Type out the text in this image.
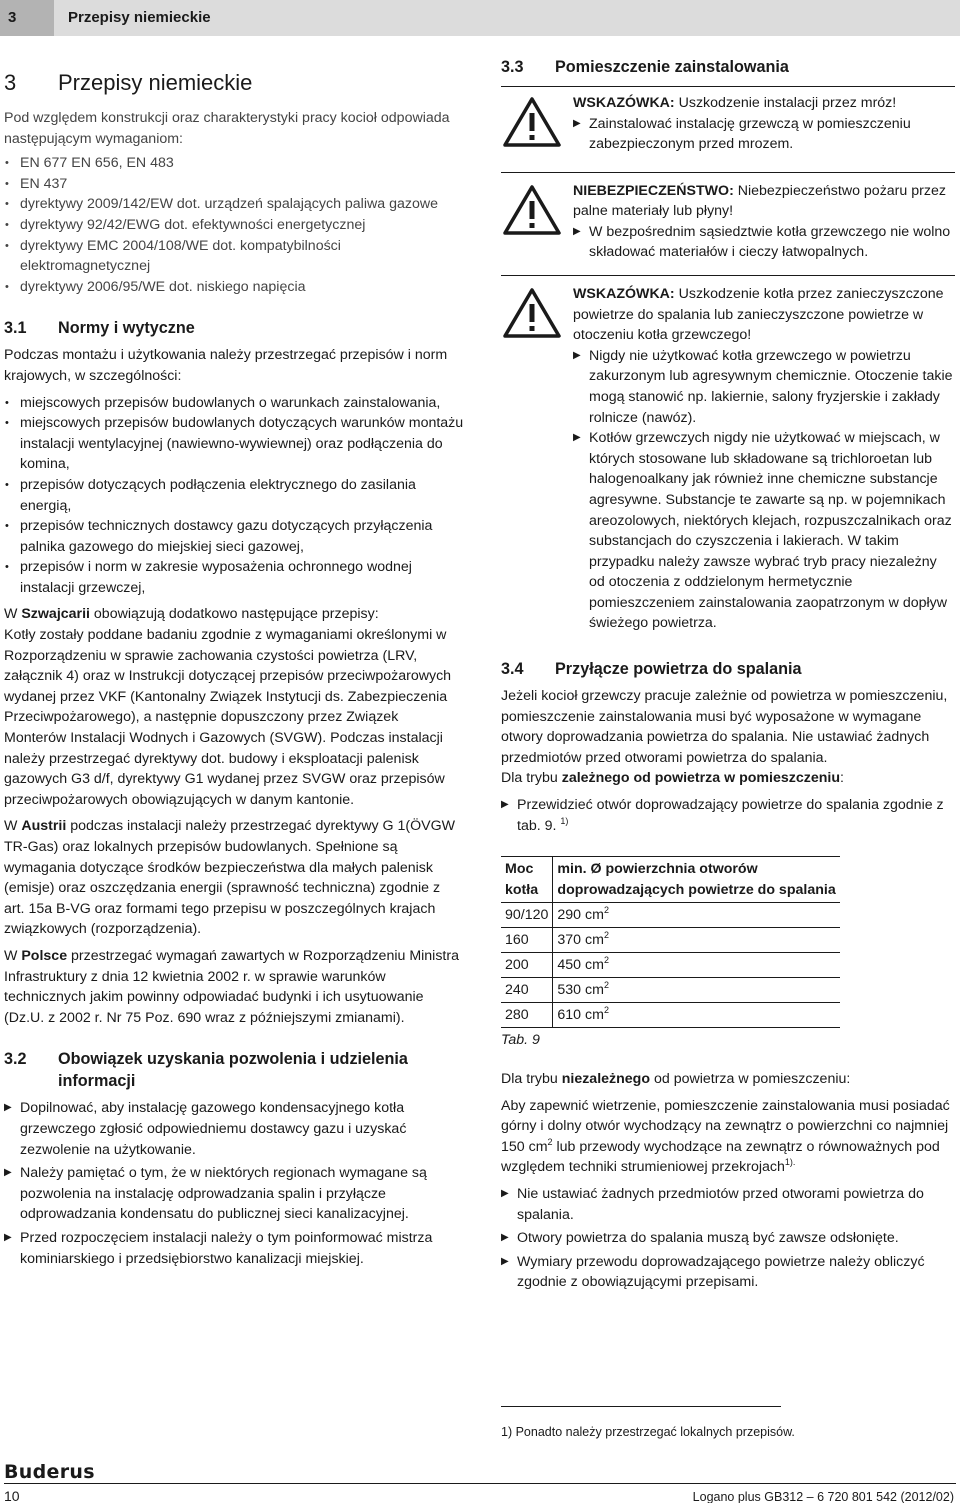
3	Przepisy niemieckie
3	Przepisy niemieckie

Pod względem konstrukcji oraz charakterystyki pracy kocioł odpowiada następującym wymaganiom:

• EN 677 EN 656, EN 483
• EN 437
• dyrektywy 2009/142/EW dot. urządzeń spalających paliwa gazowe
• dyrektywy 92/42/EWG dot. efektywności energetycznej
• dyrektywy EMC 2004/108/WE dot. kompatybilności elektromagnetycznej
• dyrektywy 2006/95/WE dot. niskiego napięcia
3.1	Normy i wytyczne

Podczas montażu i użytkowania należy przestrzegać przepisów i norm krajowych, w szczególności:

• miejscowych przepisów budowlanych o warunkach zainstalowania,
• miejscowych przepisów budowlanych dotyczących warunków montażu instalacji wentylacyjnej (nawiewno-wywiewnej) oraz podłączenia do komina,
• przepisów dotyczących podłączenia elektrycznego do zasilania energią,
• przepisów technicznych dostawcy gazu dotyczących przyłączenia palnika gazowego do miejskiej sieci gazowej,
• przepisów i norm w zakresie wyposażenia ochronnego wodnej instalacji grzewczej,

W Szwajcarii obowiązują dodatkowo następujące przepisy:

Kotły zostały poddane badaniu zgodnie z wymaganiami określonymi w Rozporządzeniu w sprawie zachowania czystości powietrza (LRV, załącznik 4) oraz w Instrukcji dotyczącej przepisów przeciwpożarowych wydanej przez VKF (Kantonalny Związek Instytucji ds. Zabezpieczenia Przeciwpożarowego), a następnie dopuszczony przez Związek Monterów Instalacji Wodnych i Gazowych (SVGW). Podczas instalacji należy przestrzegać dyrektywy dot. budowy i eksploatacji palenisk gazowych G3 d/f, dyrektywy G1 wydanej przez SVGW oraz przepisów przeciwpożarowych obowiązujących w danym kantonie.

W Austrii podczas instalacji należy przestrzegać dyrektywy G 1(ÖVGW TR-Gas) oraz lokalnych przepisów budowlanych. Spełnione są wymagania dotyczące środków bezpieczeństwa dla małych palenisk (emisje) oraz oszczędzania energii (sprawność techniczna) zgodnie z art. 15a B-VG oraz formami tego przepisu w poszczególnych krajach związkowych (rozporządzenia).

W Polsce przestrzegać wymagań zawartych w Rozporządzeniu Ministra Infrastruktury z dnia 12 kwietnia 2002 r. w sprawie warunków technicznych jakim powinny odpowiadać budynki i ich usytuowanie (Dz.U. z 2002 r. Nr 75 Poz. 690 wraz z późniejszymi zmianami).

3.2	Obowiązek uzyskania pozwolenia i udzielenia informacji
▶ Dopilnować, aby instalację gazowego kondensacyjnego kotła grzewczego zgłosić odpowiedniemu dostawcy gazu i uzyskać zezwolenie na użytkowanie.
▶ Należy pamiętać o tym, że w niektórych regionach wymagane są pozwolenia na instalację odprowadzania spalin i przyłącze odprowadzania kondensatu do publicznej sieci kanalizacyjnej.
▶ Przed rozpoczęciem instalacji należy o tym poinformować mistrza kominiarskiego i przedsiębiorstwo kanalizacji miejskiej.
3.3	Pomieszczenie zainstalowania

WSKAZÓWKA: Uszkodzenie instalacji przez mróz!

▶ Zainstalować instalację grzewczą w pomieszczeniu zabezpieczonym przed mrozem.

NIEBEZPIECZEŃSTWO: Niebezpieczeństwo pożaru przez palne materiały lub płyny!

▶ W bezpośrednim sąsiedztwie kotła grzewczego nie wolno składować materiałów i cieczy łatwopalnych.

WSKAZÓWKA: Uszkodzenie kotła przez zanieczyszczone powietrze do spalania lub zanieczyszczone powietrze w otoczeniu kotła grzewczego!

▶ Nigdy nie użytkować kotła grzewczego w powietrzu zakurzonym lub agresywnym chemicznie. Otoczenie takie mogą stanowić np. lakiernie, salony fryzjerskie i zakłady rolnicze (nawóz).
▶ Kotłów grzewczych nigdy nie użytkować w miejscach, w których stosowane lub składowane są trichloroetan lub halogenoalkany jak również inne chemiczne substancje agresywne. Substancje te zawarte są np. w pojemnikach areozolowych, niektórych klejach, rozpuszczalnikach oraz substancjach do czyszczenia i lakierach. W takim przypadku należy zawsze wybrać tryb pracy niezależny od otoczenia z oddzielonym hermetycznie pomieszczeniem zainstalowania zaopatrzonym w dopływ świeżego powietrza.
3.4	Przyłącze powietrza do spalania

Jeżeli kocioł grzewczy pracuje zależnie od powietrza w pomieszczeniu, pomieszczenie zainstalowania musi być wyposażone w wymagane otwory doprowadzania powietrza do spalania. Nie ustawiać żadnych przedmiotów przed otworami powietrza do spalania.

Dla trybu zależnego od powietrza w pomieszczeniu:

▶ Przewidzieć otwór doprowadzający powietrze do spalania zgodnie z tab. 9. $^{1)}$
Moc kotła	min. Ø powierzchnia otworów
doprowadzających powietrze do spalania

90/120	290 $cm^2$
160	370 $cm^2$
200	450 $cm^2$
240	530 $cm^2$
280	610 $cm^2$

Tab. 9

Dla trybu niezależnego od powietrza w pomieszczeniu:

Aby zapewnić wietrzenie, pomieszczenie zainstalowania musi posiadać górny i dolny otwór wychodzący na zewnątrz o powierzchni co najmniej 150 $cm^2$ lub przewody wychodzące na zewnątrz o równoważnych pod względem techniki strumieniowej przekrojach$^{1).}$

▶ Nie ustawiać żadnych przedmiotów przed otworami powietrza do spalania.
▶ Otwory powietrza do spalania muszą być zawsze odsłonięte.
▶ Wymiary przewodu doprowadzającego powietrze należy obliczyć zgodnie z obowiązującymi przepisami.
1) Ponadto należy przestrzegać lokalnych przepisów.
Buderus
10	Logano plus GB312 – 6 720 801 542 (2012/02)
